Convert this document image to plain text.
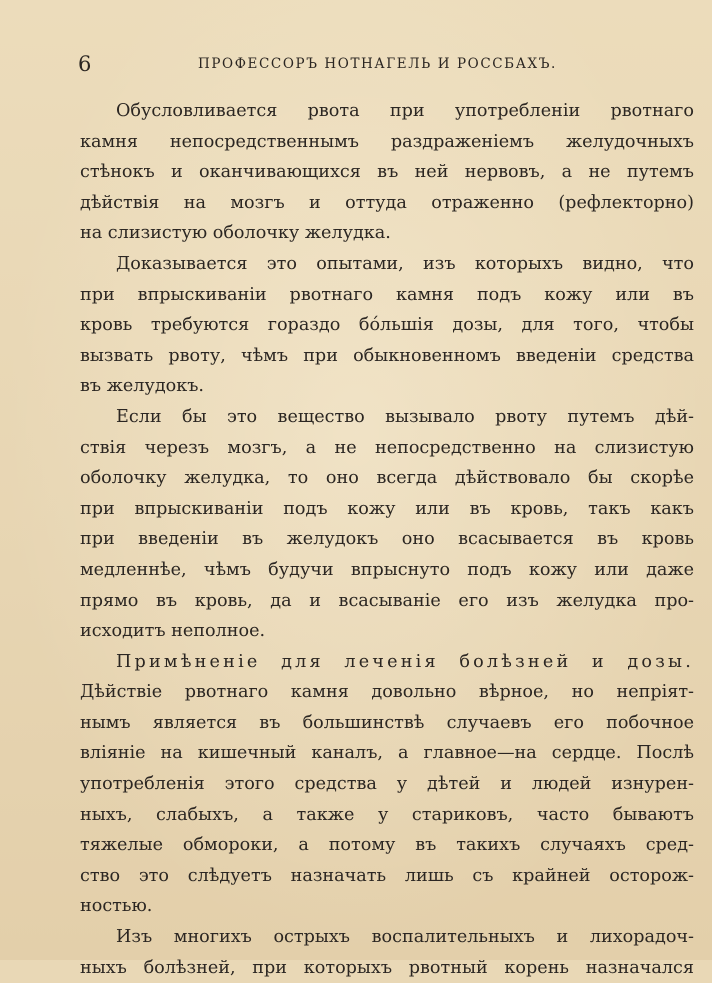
6	ПРОФЕССОРЪ НОТНАГЕЛЬ И РОССБАХЪ.
Обусловливается рвота при употребленіи рвотнаго
камня непосредственнымъ раздраженіемъ желудочныхъ
стѣнокъ и оканчивающихся въ ней нервовъ, а не путемъ
дѣйствія на мозгъ и оттуда отраженно (рефлекторно)
на слизистую оболочку желудка.
Доказывается это опытами, изъ которыхъ видно, что
при впрыскиваніи рвотнаго камня подъ кожу или въ
кровь требуются гораздо бóльшія дозы, для того, чтобы
вызвать рвоту, чѣмъ при обыкновенномъ введеніи средства
въ желудокъ.
Если бы это вещество вызывало рвоту путемъ дѣй-
ствія черезъ мозгъ, а не непосредственно на слизистую
оболочку желудка, то оно всегда дѣйствовало бы скорѣе
при впрыскиваніи подъ кожу или въ кровь, такъ какъ
при введеніи въ желудокъ оно всасывается въ кровь
медленнѣе, чѣмъ будучи впрыснуто подъ кожу или даже
прямо въ кровь, да и всасываніе его изъ желудка про-
исходитъ неполное.
Примѣненіе для леченія болѣзней и дозы.
Дѣйствіе рвотнаго камня довольно вѣрное, но непріят-
нымъ является въ большинствѣ случаевъ его побочное
вліяніе на кишечный каналъ, а главное—на сердце. Послѣ
употребленія этого средства у дѣтей и людей изнурен-
ныхъ, слабыхъ, а также у стариковъ, часто бываютъ
тяжелые обмороки, а потому въ такихъ случаяхъ сред-
ство это слѣдуетъ назначать лишь съ крайней осторож-
ностью.
Изъ многихъ острыхъ воспалительныхъ и лихорадоч-
ныхъ болѣзней, при которыхъ рвотный корень назначался
